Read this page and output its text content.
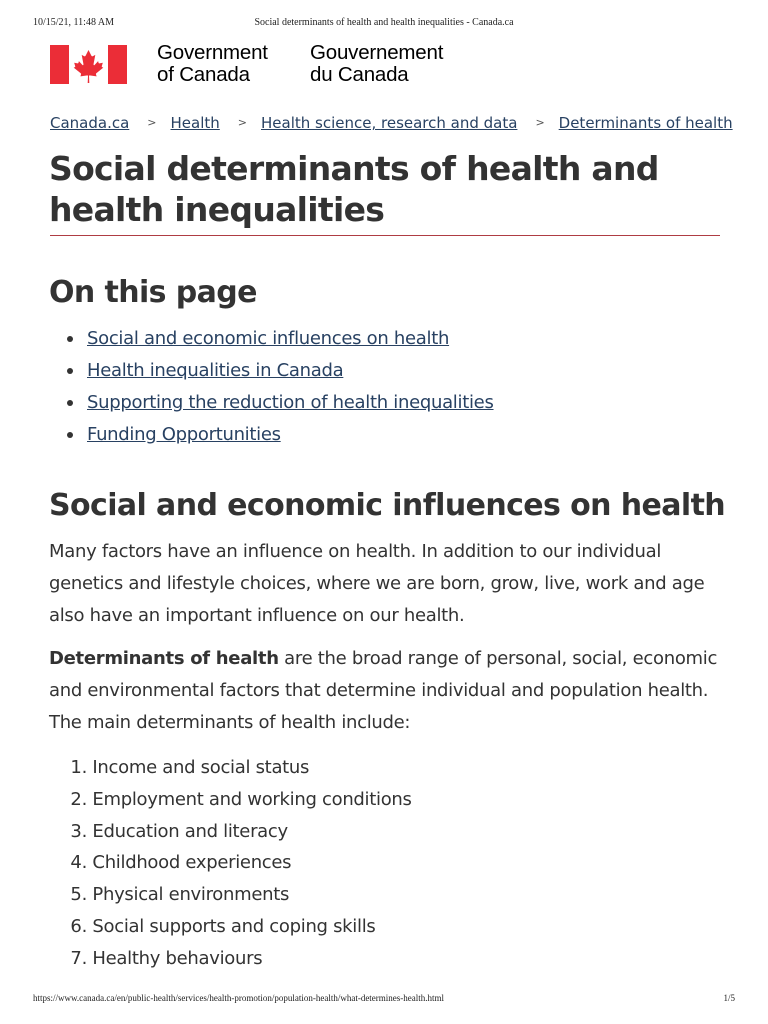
10/15/21, 11:48 AM	Social determinants of health and health inequalities - Canada.ca
Government
of Canada
Gouvernement
du Canada
Canada.ca > Health > Health science, research and data > Determinants of health
Social determinants of health and health inequalities
On this page
Social and economic influences on health
Health inequalities in Canada
Supporting the reduction of health inequalities
Funding Opportunities
Social and economic influences on health

Many factors have an influence on health. In addition to our individual genetics and lifestyle choices, where we are born, grow, live, work and age also have an important influence on our health.

Determinants of health are the broad range of personal, social, economic and environmental factors that determine individual and population health. The main determinants of health include:

1. Income and social status
2. Employment and working conditions
3. Education and literacy
4. Childhood experiences
5. Physical environments
6. Social supports and coping skills
7. Healthy behaviours
https://www.canada.ca/en/public-health/services/health-promotion/population-health/what-determines-health.html	1/5
